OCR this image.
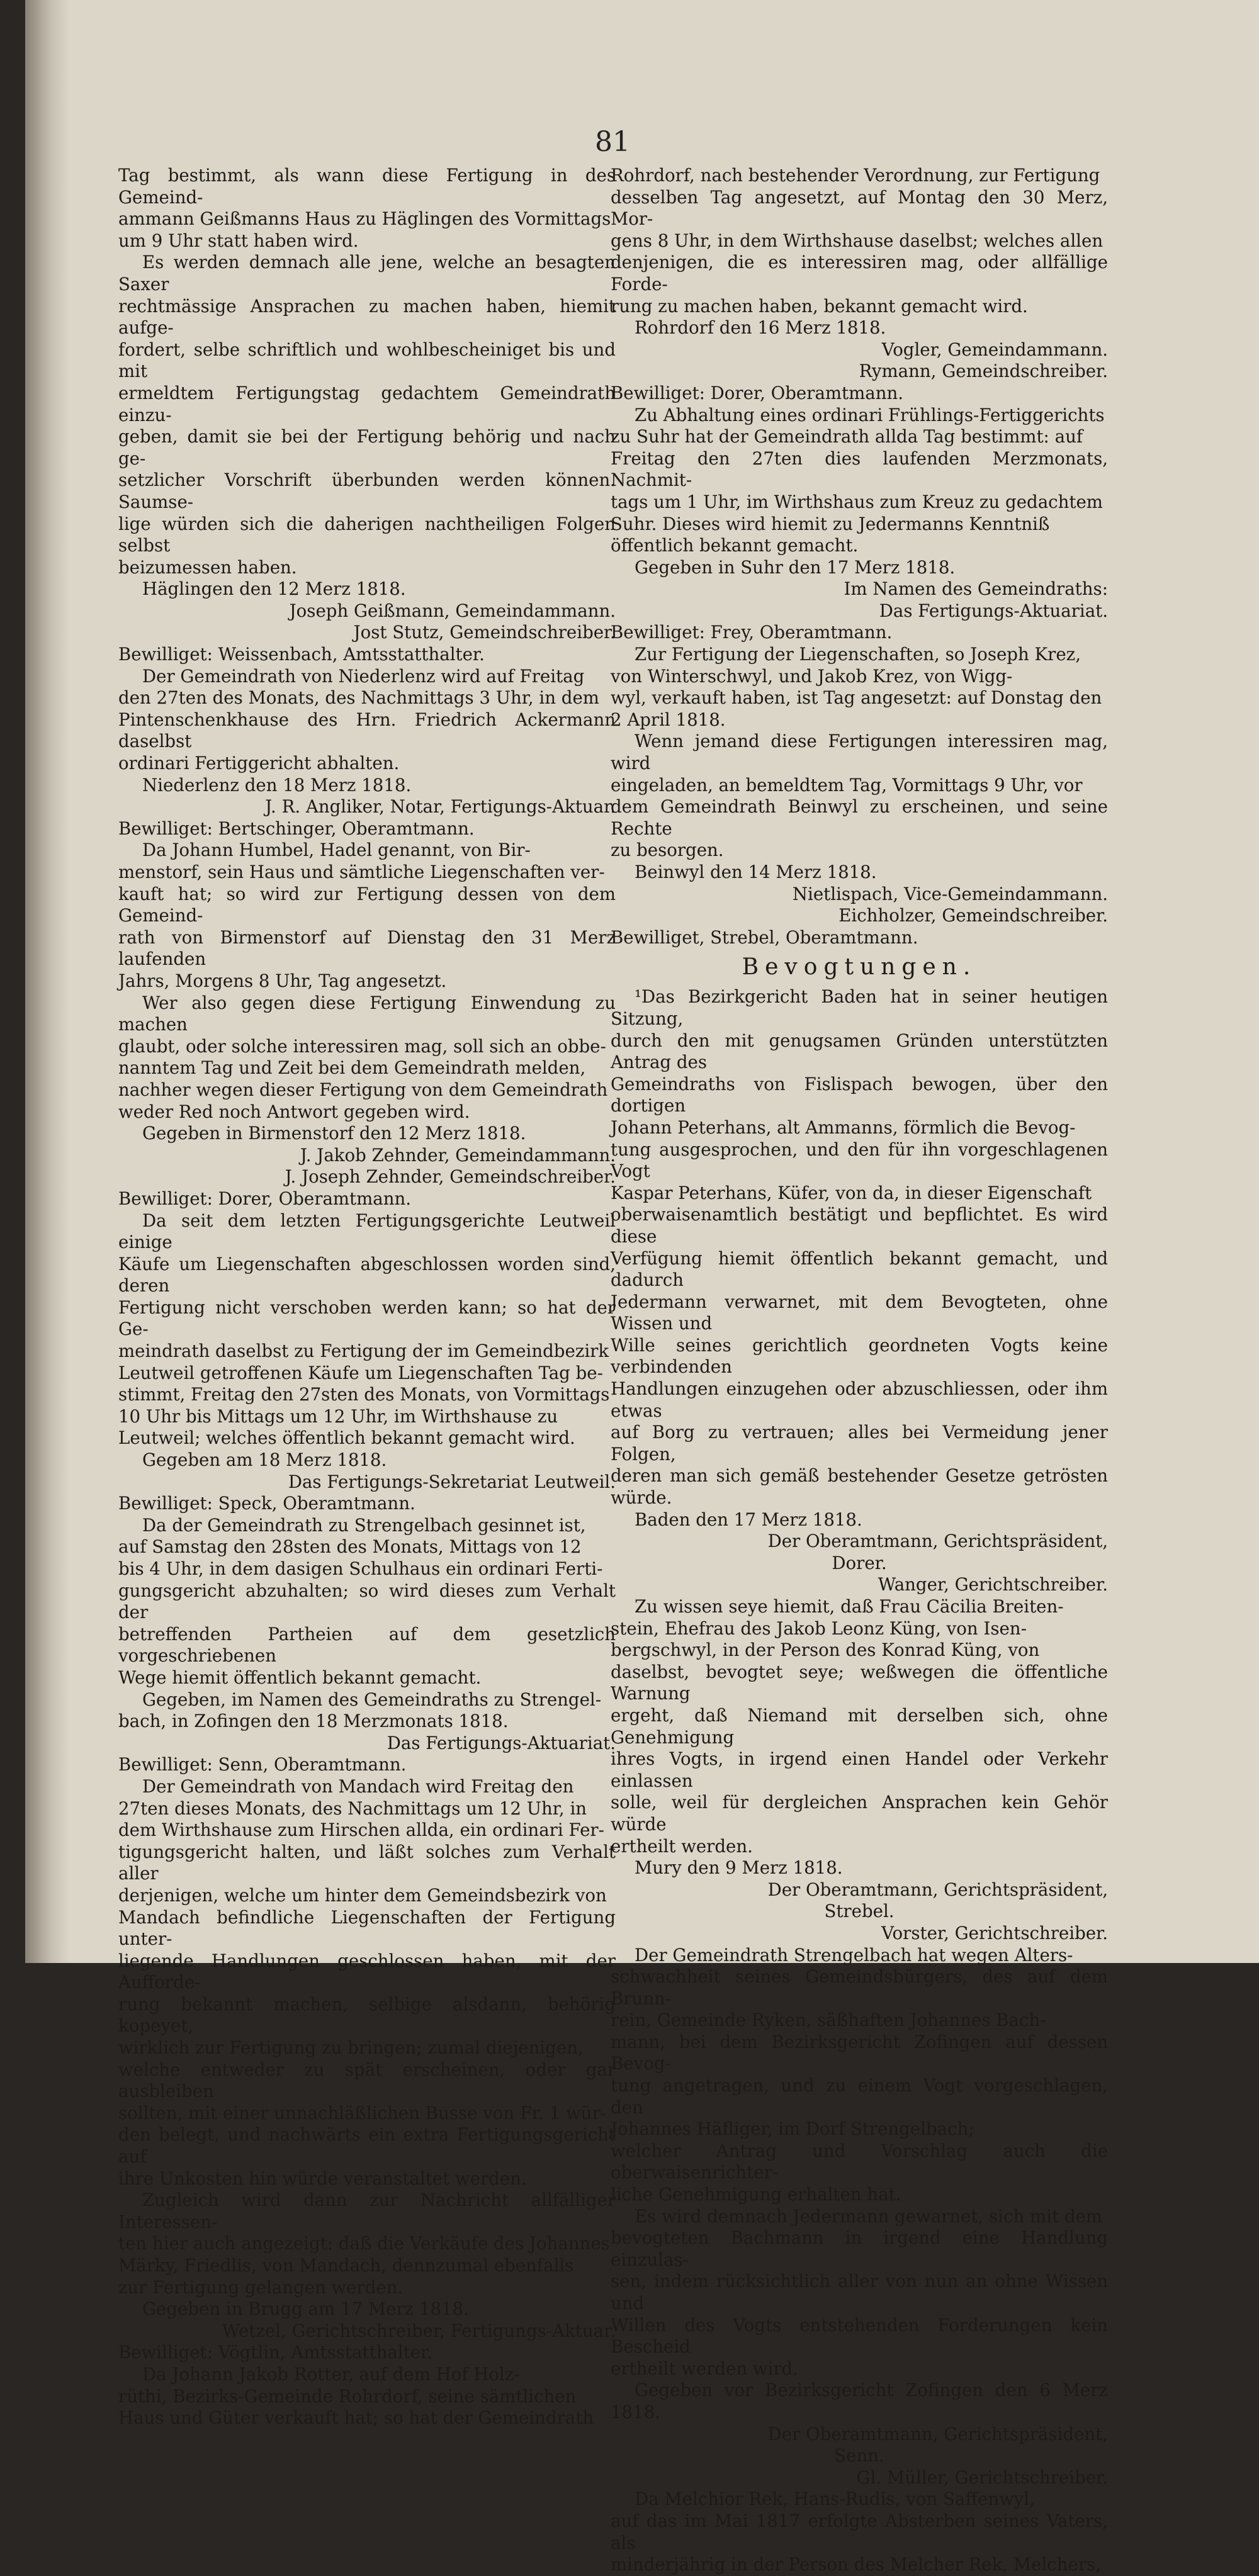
81

Tag bestimmt, als wann diese Fertigung in des Gemeind-

ammann Geißmanns Haus zu Häglingen des Vormittags

um 9 Uhr statt haben wird.

Es werden demnach alle jene, welche an besagten Saxer

rechtmässige Ansprachen zu machen haben, hiemit aufge-

fordert, selbe schriftlich und wohlbescheiniget bis und mit

ermeldtem Fertigungstag gedachtem Gemeindrath einzu-

geben, damit sie bei der Fertigung behörig und nach ge-

setzlicher Vorschrift überbunden werden können. Saumse-

lige würden sich die daherigen nachtheiligen Folgen selbst

beizumessen haben.

Häglingen den 12 Merz 1818.

Joseph Geißmann, Gemeindammann.

Jost Stutz, Gemeindschreiber.

Bewilliget: Weissenbach, Amtsstatthalter.

Der Gemeindrath von Niederlenz wird auf Freitag

den 27ten des Monats, des Nachmittags 3 Uhr, in dem

Pintenschenkhause des Hrn. Friedrich Ackermann daselbst

ordinari Fertiggericht abhalten.

Niederlenz den 18 Merz 1818.

J. R. Angliker, Notar, Fertigungs-Aktuar.

Bewilliget: Bertschinger, Oberamtmann.

Da Johann Humbel, Hadel genannt, von Bir-

menstorf, sein Haus und sämtliche Liegenschaften ver-

kauft hat; so wird zur Fertigung dessen von dem Gemeind-

rath von Birmenstorf auf Dienstag den 31 Merz laufenden

Jahrs, Morgens 8 Uhr, Tag angesetzt.

Wer also gegen diese Fertigung Einwendung zu machen

glaubt, oder solche interessiren mag, soll sich an obbe-

nanntem Tag und Zeit bei dem Gemeindrath melden,

nachher wegen dieser Fertigung von dem Gemeindrath

weder Red noch Antwort gegeben wird.

Gegeben in Birmenstorf den 12 Merz 1818.

J. Jakob Zehnder, Gemeindammann.

J. Joseph Zehnder, Gemeindschreiber.

Bewilliget: Dorer, Oberamtmann.

Da seit dem letzten Fertigungsgerichte Leutweil einige

Käufe um Liegenschaften abgeschlossen worden sind, deren

Fertigung nicht verschoben werden kann; so hat der Ge-

meindrath daselbst zu Fertigung der im Gemeindbezirk

Leutweil getroffenen Käufe um Liegenschaften Tag be-

stimmt, Freitag den 27sten des Monats, von Vormittags

10 Uhr bis Mittags um 12 Uhr, im Wirthshause zu

Leutweil; welches öffentlich bekannt gemacht wird.

Gegeben am 18 Merz 1818.

Das Fertigungs-Sekretariat Leutweil.

Bewilliget: Speck, Oberamtmann.

Da der Gemeindrath zu Strengelbach gesinnet ist,

auf Samstag den 28sten des Monats, Mittags von 12

bis 4 Uhr, in dem dasigen Schulhaus ein ordinari Ferti-

gungsgericht abzuhalten; so wird dieses zum Verhalt der

betreffenden Partheien auf dem gesetzlich vorgeschriebenen

Wege hiemit öffentlich bekannt gemacht.

Gegeben, im Namen des Gemeindraths zu Strengel-

bach, in Zofingen den 18 Merzmonats 1818.

Das Fertigungs-Aktuariat.

Bewilliget: Senn, Oberamtmann.

Der Gemeindrath von Mandach wird Freitag den

27ten dieses Monats, des Nachmittags um 12 Uhr, in

dem Wirthshause zum Hirschen allda, ein ordinari Fer-

tigungsgericht halten, und läßt solches zum Verhalt aller

derjenigen, welche um hinter dem Gemeindsbezirk von

Mandach befindliche Liegenschaften der Fertigung unter-

liegende Handlungen geschlossen haben, mit der Aufforde-

rung bekannt machen, selbige alsdann, behörig kopeyet,

wirklich zur Fertigung zu bringen; zumal diejenigen,

welche entweder zu spät erscheinen, oder gar ausbleiben

sollten, mit einer unnachläßlichen Busse von Fr. 1 wür-

den belegt, und nachwärts ein extra Fertigungsgericht auf

ihre Unkosten hin würde veranstaltet werden.

Zugleich wird dann zur Nachricht allfälliger Interessen-

ten hier auch angezeigt: daß die Verkäufe des Johannes

Märky, Friedlis, von Mandach, dennzumal ebenfalls

zur Fertigung gelangen werden.

Gegeben in Brugg am 17 Merz 1818.

Wetzel, Gerichtschreiber, Fertigungs-Aktuar.

Bewilliget: Vögtlin, Amtsstatthalter.

Da Johann Jakob Rotter, auf dem Hof Holz-

rüthi, Bezirks-Gemeinde Rohrdorf, seine sämtlichen

Haus und Güter verkauft hat; so hat der Gemeindrath

Rohrdorf, nach bestehender Verordnung, zur Fertigung

desselben Tag angesetzt, auf Montag den 30 Merz, Mor-

gens 8 Uhr, in dem Wirthshause daselbst; welches allen

denjenigen, die es interessiren mag, oder allfällige Forde-

rung zu machen haben, bekannt gemacht wird.

Rohrdorf den 16 Merz 1818.

Vogler, Gemeindammann.

Rymann, Gemeindschreiber.

Bewilliget: Dorer, Oberamtmann.

Zu Abhaltung eines ordinari Frühlings-Fertiggerichts

zu Suhr hat der Gemeindrath allda Tag bestimmt: auf

Freitag den 27ten dies laufenden Merzmonats, Nachmit-

tags um 1 Uhr, im Wirthshaus zum Kreuz zu gedachtem

Suhr. Dieses wird hiemit zu Jedermanns Kenntniß

öffentlich bekannt gemacht.

Gegeben in Suhr den 17 Merz 1818.

Im Namen des Gemeindraths:

Das Fertigungs-Aktuariat.

Bewilliget: Frey, Oberamtmann.

Zur Fertigung der Liegenschaften, so Joseph Krez,

von Winterschwyl, und Jakob Krez, von Wigg-

wyl, verkauft haben, ist Tag angesetzt: auf Donstag den

2 April 1818.

Wenn jemand diese Fertigungen interessiren mag, wird

eingeladen, an bemeldtem Tag, Vormittags 9 Uhr, vor

dem Gemeindrath Beinwyl zu erscheinen, und seine Rechte

zu besorgen.

Beinwyl den 14 Merz 1818.

Nietlispach, Vice-Gemeindammann.

Eichholzer, Gemeindschreiber.

Bewilliget, Strebel, Oberamtmann.

Bevogtungen.

¹Das Bezirkgericht Baden hat in seiner heutigen Sitzung,

durch den mit genugsamen Gründen unterstützten Antrag des

Gemeindraths von Fislispach bewogen, über den dortigen

Johann Peterhans, alt Ammanns, förmlich die Bevog-

tung ausgesprochen, und den für ihn vorgeschlagenen Vogt

Kaspar Peterhans, Küfer, von da, in dieser Eigenschaft

oberwaisenamtlich bestätigt und bepflichtet. Es wird diese

Verfügung hiemit öffentlich bekannt gemacht, und dadurch

Jedermann verwarnet, mit dem Bevogteten, ohne Wissen und

Wille seines gerichtlich geordneten Vogts keine verbindenden

Handlungen einzugehen oder abzuschliessen, oder ihm etwas

auf Borg zu vertrauen; alles bei Vermeidung jener Folgen,

deren man sich gemäß bestehender Gesetze getrösten würde.

Baden den 17 Merz 1818.

Der Oberamtmann, Gerichtspräsident,

Dorer.

Wanger, Gerichtschreiber.

Zu wissen seye hiemit, daß Frau Cäcilia Breiten-

stein, Ehefrau des Jakob Leonz Küng, von Isen-

bergschwyl, in der Person des Konrad Küng, von

daselbst, bevogtet seye; weßwegen die öffentliche Warnung

ergeht, daß Niemand mit derselben sich, ohne Genehmigung

ihres Vogts, in irgend einen Handel oder Verkehr einlassen

solle, weil für dergleichen Ansprachen kein Gehör würde

ertheilt werden.

Mury den 9 Merz 1818.

Der Oberamtmann, Gerichtspräsident,

Strebel.

Vorster, Gerichtschreiber.

Der Gemeindrath Strengelbach hat wegen Alters-

schwachheit seines Gemeindsbürgers, des auf dem Brunn-

rein, Gemeinde Ryken, säßhaften Johannes Bach-

mann, bei dem Bezirksgericht Zofingen auf dessen Bevog-

tung angetragen, und zu einem Vogt vorgeschlagen, den

Johannes Häfliger, im Dorf Strengelbach;

welcher Antrag und Vorschlag auch die oberwaisenrichter-

liche Genehmigung erhalten hat.

Es wird demnach Jedermann gewarnet, sich mit dem

bevogteten Bachmann in irgend eine Handlung einzulas-

sen, indem rücksichtlich aller von nun an ohne Wissen und

Willen des Vogts entstehenden Forderungen kein Bescheid

ertheilt werden wird.

Gegeben vor Bezirksgericht Zofingen den 6 Merz 1818.

Der Oberamtmann, Gerichtspräsident,

Senn.

Gl. Müller, Gerichtschreiber.

Da Melchior Rek, Hans-Rudis, von Saffenwyl,

auf das im Mai 1817 erfolgte Absterben seines Vaters, als

minderjährig in der Person des Melcher Rek, Melchers,
